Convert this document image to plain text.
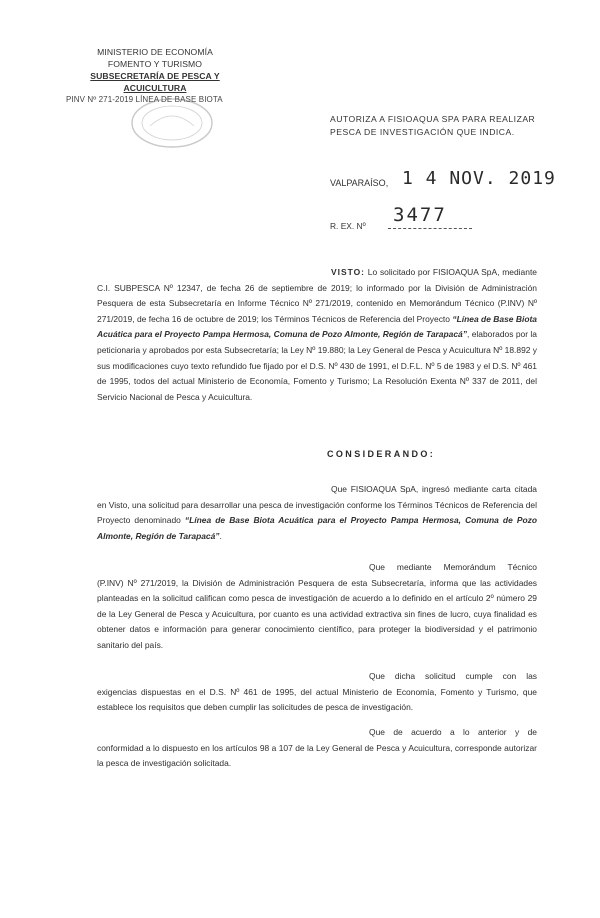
MINISTERIO DE ECONOMÍA
FOMENTO Y TURISMO
SUBSECRETARÍA DE PESCA Y ACUICULTURA
PINV Nº 271-2019 LÍNEA DE BASE BIOTA
AUTORIZA A FISIOAQUA SPA PARA REALIZAR PESCA DE INVESTIGACIÓN QUE INDICA.
VALPARAÍSO, 1 4 NOV. 2019
R. EX. Nº 3477

VISTO: Lo solicitado por FISIOAQUA SpA, mediante C.I. SUBPESCA Nº 12347, de fecha 26 de septiembre de 2019; lo informado por la División de Administración Pesquera de esta Subsecretaría en Informe Técnico Nº 271/2019, contenido en Memorándum Técnico (P.INV) Nº 271/2019, de fecha 16 de octubre de 2019; los Términos Técnicos de Referencia del Proyecto “Línea de Base Biota Acuática para el Proyecto Pampa Hermosa, Comuna de Pozo Almonte, Región de Tarapacá”, elaborados por la peticionaria y aprobados por esta Subsecretaría; la Ley Nº 19.880; la Ley General de Pesca y Acuicultura Nº 18.892 y sus modificaciones cuyo texto refundido fue fijado por el D.S. Nº 430 de 1991, el D.F.L. Nº 5 de 1983 y el D.S. Nº 461 de 1995, todos del actual Ministerio de Economía, Fomento y Turismo; La Resolución Exenta Nº 337 de 2011, del Servicio Nacional de Pesca y Acuicultura.

CONSIDERANDO:

Que FISIOAQUA SpA, ingresó mediante carta citada en Visto, una solicitud para desarrollar una pesca de investigación conforme los Términos Técnicos de Referencia del Proyecto denominado “Línea de Base Biota Acuática para el Proyecto Pampa Hermosa, Comuna de Pozo Almonte, Región de Tarapacá”.

Que mediante Memorándum Técnico (P.INV) Nº 271/2019, la División de Administración Pesquera de esta Subsecretaría, informa que las actividades planteadas en la solicitud califican como pesca de investigación de acuerdo a lo definido en el artículo 2º número 29 de la Ley General de Pesca y Acuicultura, por cuanto es una actividad extractiva sin fines de lucro, cuya finalidad es obtener datos e información para generar conocimiento científico, para proteger la biodiversidad y el patrimonio sanitario del país.

Que dicha solicitud cumple con las exigencias dispuestas en el D.S. Nº 461 de 1995, del actual Ministerio de Economía, Fomento y Turismo, que establece los requisitos que deben cumplir las solicitudes de pesca de investigación.

Que de acuerdo a lo anterior y de conformidad a lo dispuesto en los artículos 98 a 107 de la Ley General de Pesca y Acuicultura, corresponde autorizar la pesca de investigación solicitada.
